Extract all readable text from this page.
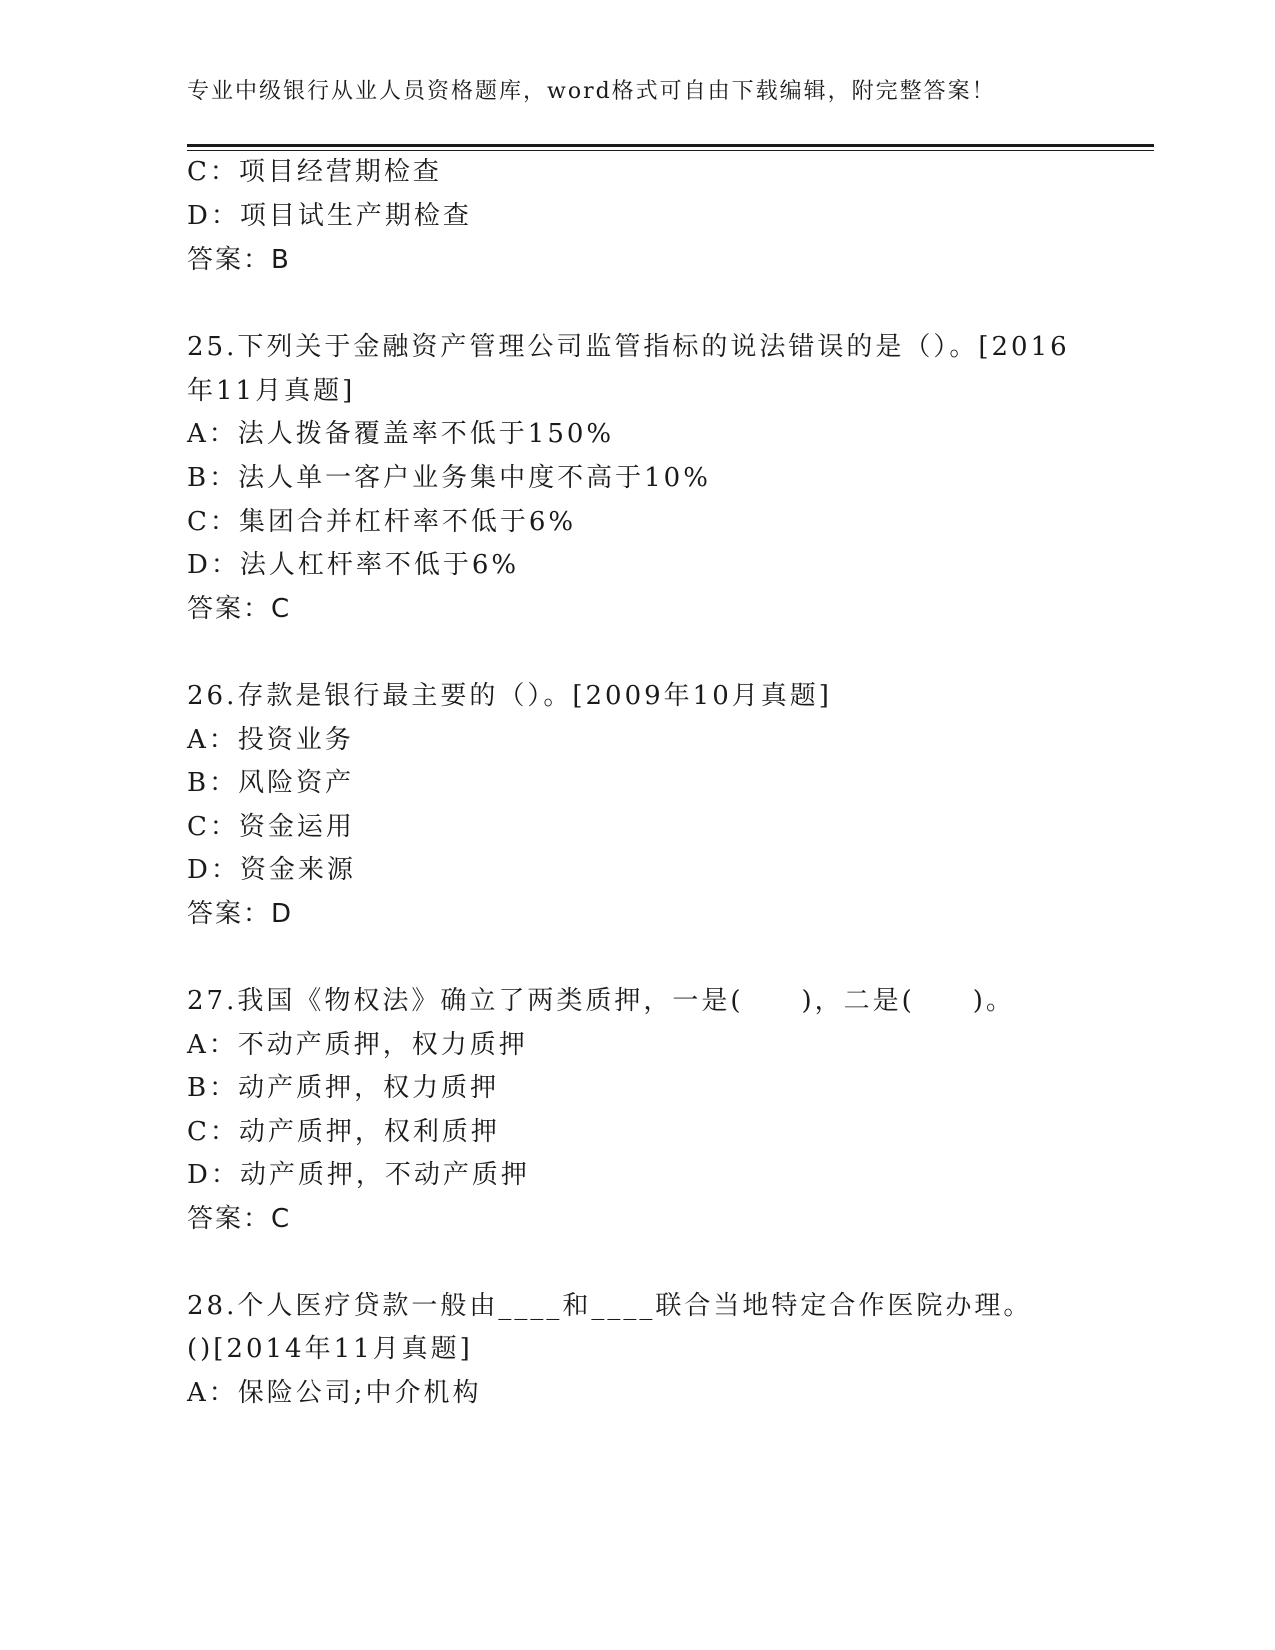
专业中级银行从业人员资格题库，word格式可自由下载编辑，附完整答案！
C：项目经营期检查
D：项目试生产期检查
答案：B
25.下列关于金融资产管理公司监管指标的说法错误的是（）。[2016
年11月真题]
A：法人拨备覆盖率不低于150%
B：法人单一客户业务集中度不高于10%
C：集团合并杠杆率不低于6%
D：法人杠杆率不低于6%
答案：C
26.存款是银行最主要的（）。[2009年10月真题]
A：投资业务
B：风险资产
C：资金运用
D：资金来源
答案：D
27.我国《物权法》确立了两类质押，一是(　　)，二是(　　)。
A：不动产质押，权力质押
B：动产质押，权力质押
C：动产质押，权利质押
D：动产质押，不动产质押
答案：C
28.个人医疗贷款一般由____和____联合当地特定合作医院办理。
()[2014年11月真题]
A：保险公司;中介机构
